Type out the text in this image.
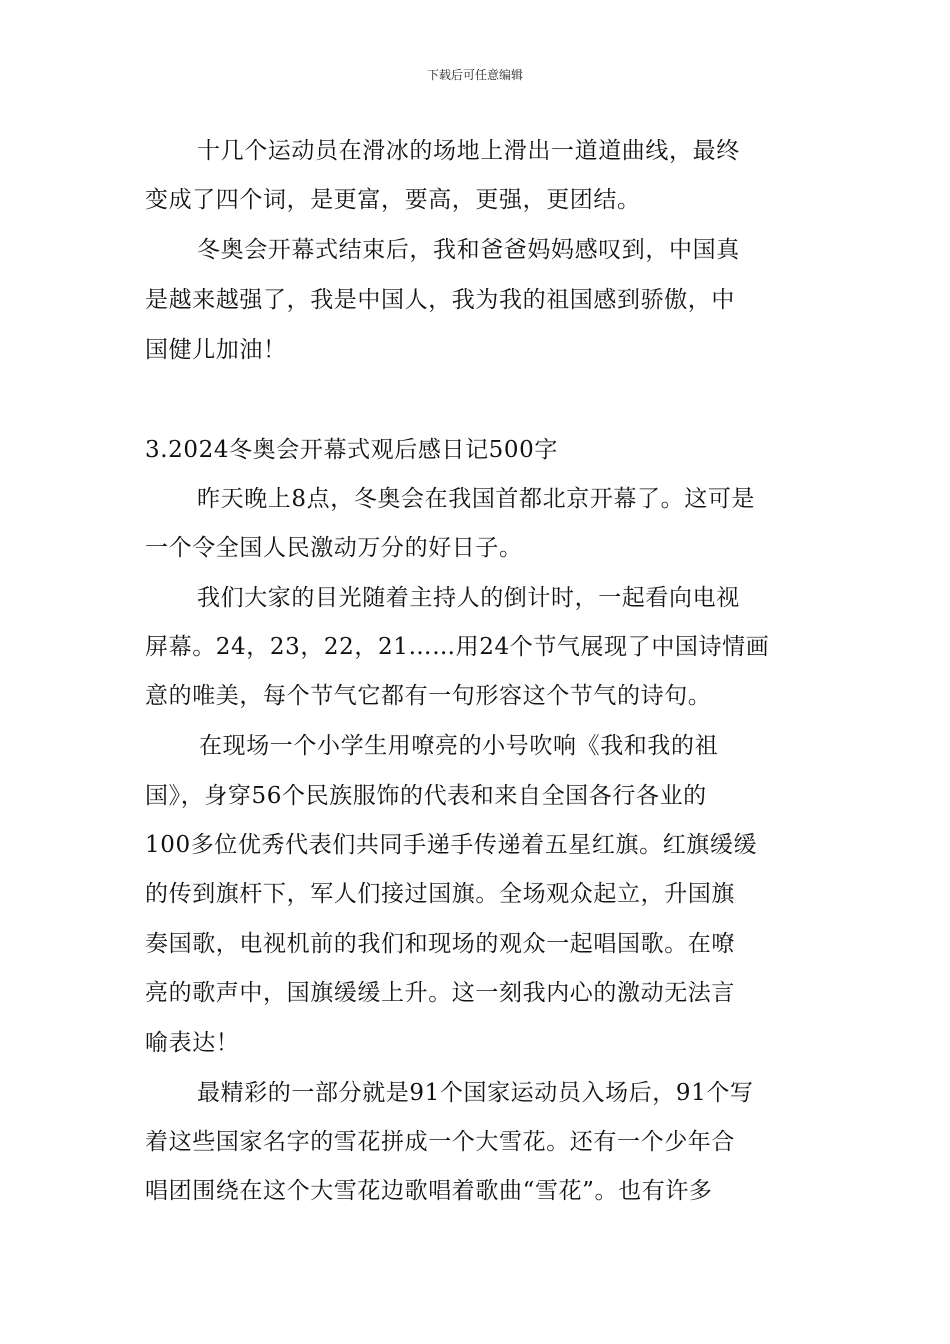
下载后可任意编辑
十几个运动员在滑冰的场地上滑出一道道曲线，最终
变成了四个词，是更富，要高，更强，更团结。
冬奥会开幕式结束后，我和爸爸妈妈感叹到，中国真
是越来越强了，我是中国人，我为我的祖国感到骄傲，中
国健儿加油！
3.2024冬奥会开幕式观后感日记500字
昨天晚上8点，冬奥会在我国首都北京开幕了。这可是
一个令全国人民激动万分的好日子。
我们大家的目光随着主持人的倒计时，一起看向电视
屏幕。24，23，22，21……用24个节气展现了中国诗情画
意的唯美，每个节气它都有一句形容这个节气的诗句。
在现场一个小学生用嘹亮的小号吹响《我和我的祖
国》，身穿56个民族服饰的代表和来自全国各行各业的
100多位优秀代表们共同手递手传递着五星红旗。红旗缓缓
的传到旗杆下，军人们接过国旗。全场观众起立，升国旗
奏国歌，电视机前的我们和现场的观众一起唱国歌。在嘹
亮的歌声中，国旗缓缓上升。这一刻我内心的激动无法言
喻表达！
最精彩的一部分就是91个国家运动员入场后，91个写
着这些国家名字的雪花拼成一个大雪花。还有一个少年合
唱团围绕在这个大雪花边歌唱着歌曲“雪花”。也有许多
